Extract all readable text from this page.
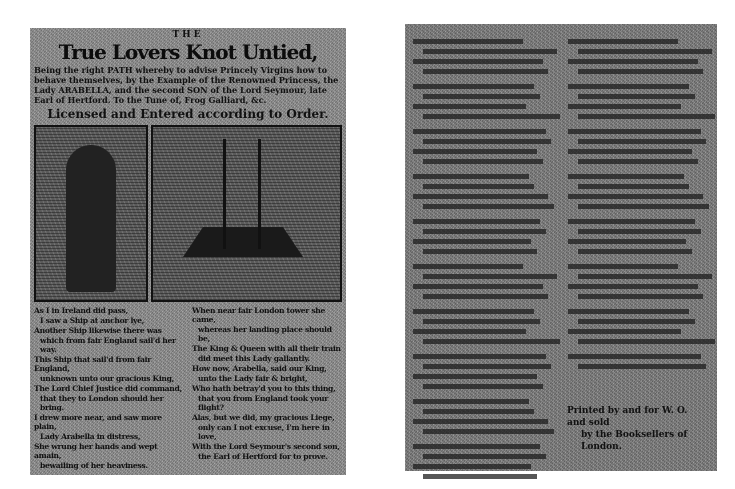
THE
True Lovers Knot Untied,
Being the right PATH whereby to advise Princely Virgins how to behave themselves, by the Example of the Renowned Princess, the Lady ARABELLA, and the second SON of the Lord Seymour, late Earl of Hertford. To the Tune of, Frog Galliard, &c.
Licensed and Entered according to Order.

As I in Ireland did pass,

I saw a Ship at anchor lye,

Another Ship likewise there was

which from fair England sail'd her way.

This Ship that sail'd from fair England,

unknown unto our gracious King,

The Lord Chief Justice did command,

that they to London should her bring.

I drew more near, and saw more plain,

Lady Arabella in distress,

She wrung her hands and wept amain,

bewailing of her heaviness.

When near fair London tower she came,

whereas her landing place should be,

The King & Queen with all their train

did meet this Lady gallantly.

How now, Arabella, said our King,

unto the Lady fair & bright,

Who hath betray'd you to this thing,

that you from England took your flight?

Alas, but we did, my gracious Liege,

only can I not excuse, I'm here in love,

With the Lord Seymour's second son,

the Earl of Hertford for to prove.

Printed by and for W. O. and sold
by the Booksellers of London.
